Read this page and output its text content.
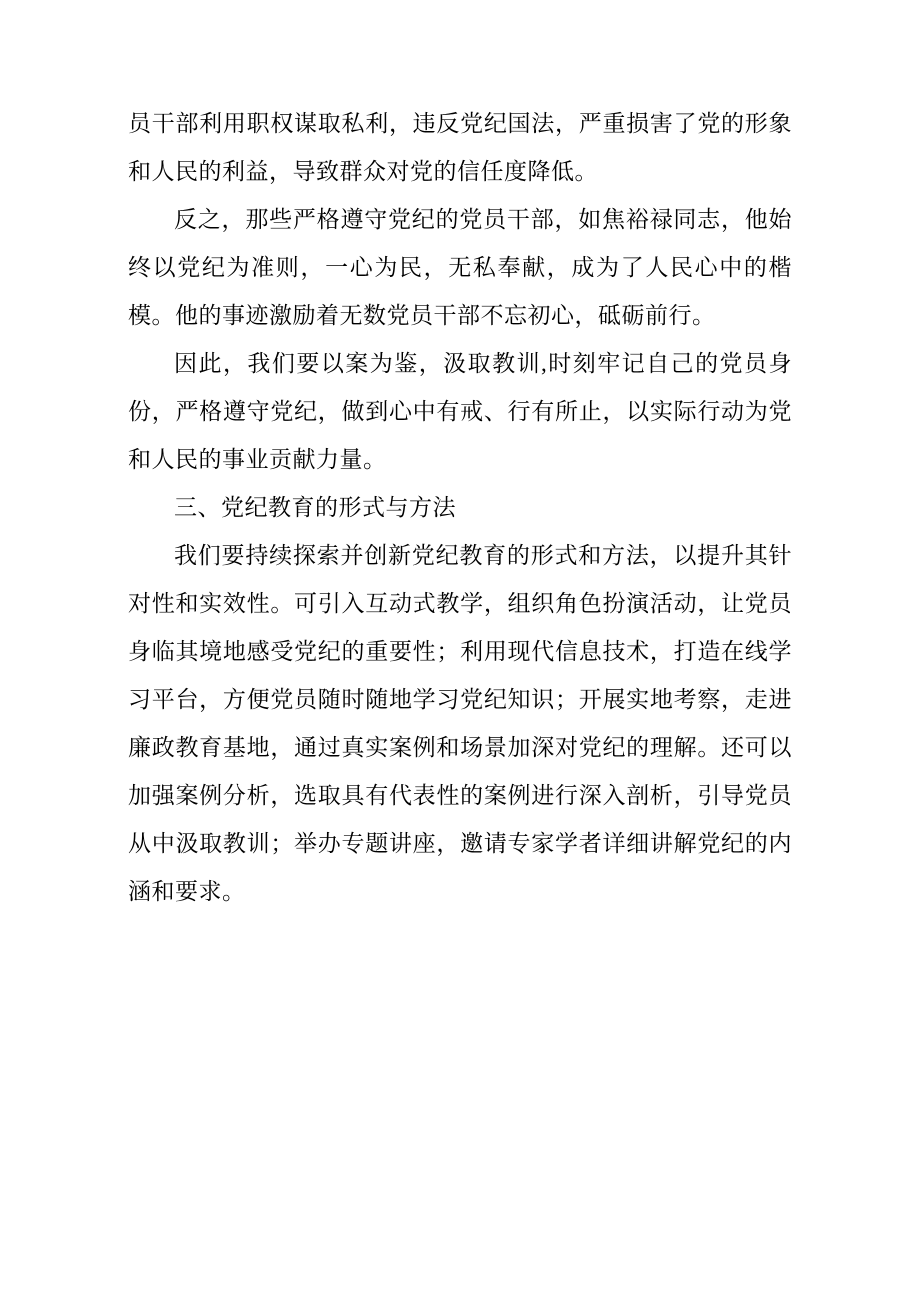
员干部利用职权谋取私利，违反党纪国法，严重损害了党的形象和人民的利益，导致群众对党的信任度降低。

反之，那些严格遵守党纪的党员干部，如焦裕禄同志，他始终以党纪为准则，一心为民，无私奉献，成为了人民心中的楷模。他的事迹激励着无数党员干部不忘初心，砥砺前行。

因此，我们要以案为鉴，汲取教训,时刻牢记自己的党员身份，严格遵守党纪，做到心中有戒、行有所止，以实际行动为党和人民的事业贡献力量。

三、党纪教育的形式与方法

我们要持续探索并创新党纪教育的形式和方法，以提升其针对性和实效性。可引入互动式教学，组织角色扮演活动，让党员身临其境地感受党纪的重要性；利用现代信息技术，打造在线学习平台，方便党员随时随地学习党纪知识；开展实地考察，走进廉政教育基地，通过真实案例和场景加深对党纪的理解。还可以加强案例分析，选取具有代表性的案例进行深入剖析，引导党员从中汲取教训；举办专题讲座，邀请专家学者详细讲解党纪的内涵和要求。
